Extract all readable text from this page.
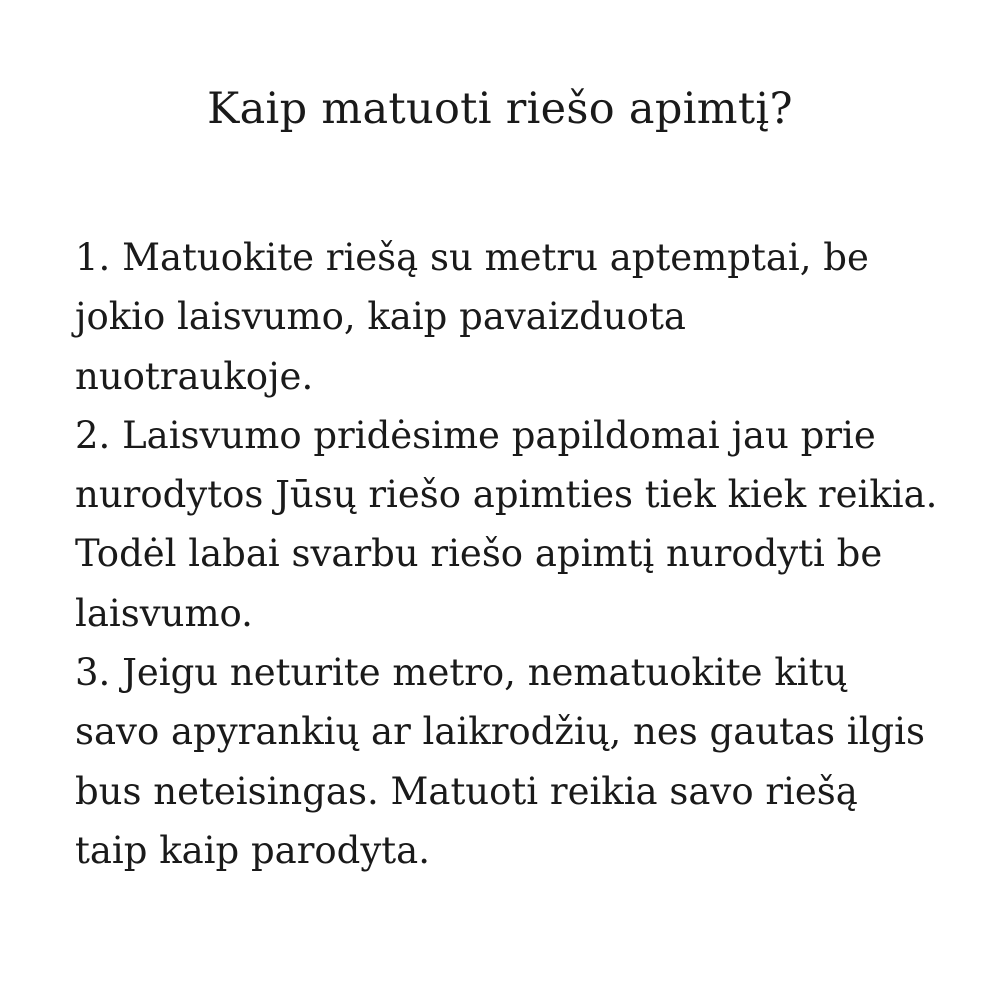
Kaip matuoti riešo apimtį?
1. Matuokite riešą su metru aptemptai, be
jokio laisvumo, kaip pavaizduota
nuotraukoje.
2. Laisvumo pridėsime papildomai jau prie
nurodytos Jūsų riešo apimties tiek kiek reikia.
Todėl labai svarbu riešo apimtį nurodyti be
laisvumo.
3. Jeigu neturite metro, nematuokite kitų
savo apyrankių ar laikrodžių, nes gautas ilgis
bus neteisingas. Matuoti reikia savo riešą
taip kaip parodyta.
